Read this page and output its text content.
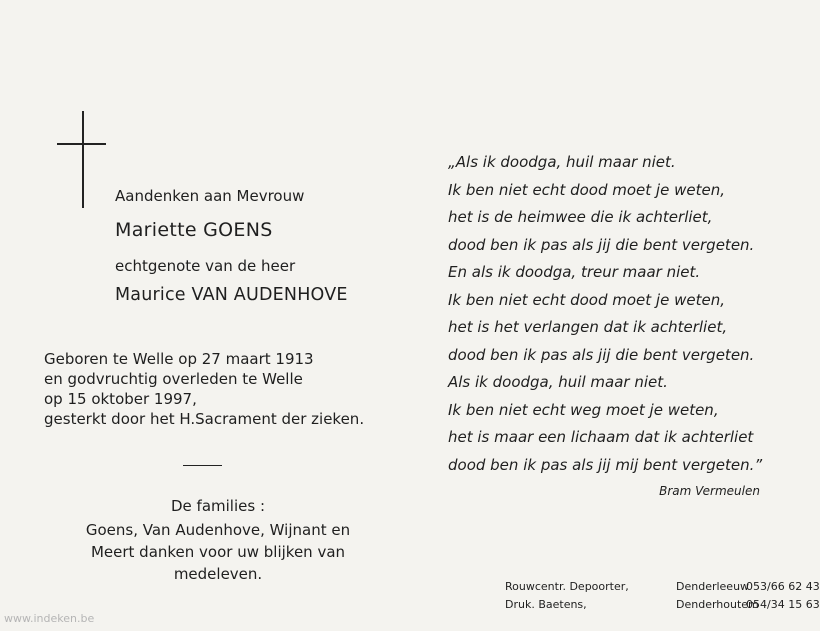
Aandenken aan Mevrouw
Mariette GOENS
echtgenote van de heer
Maurice VAN AUDENHOVE
Geboren te Welle op 27 maart 1913
en godvruchtig overleden te Welle
op 15 oktober 1997,
gesterkt door het H.Sacrament der zieken.
De families :
Goens, Van Audenhove, Wijnant en
Meert danken voor uw blijken van
medeleven.
„Als ik doodga, huil maar niet.
Ik ben niet echt dood moet je weten,
het is de heimwee die ik achterliet,
dood ben ik pas als jij die bent vergeten.
En als ik doodga, treur maar niet.
Ik ben niet echt dood moet je weten,
het is het verlangen dat ik achterliet,
dood ben ik pas als jij die bent vergeten.
Als ik doodga, huil maar niet.
Ik ben niet echt weg moet je weten,
het is maar een lichaam dat ik achterliet
dood ben ik pas als jij mij bent vergeten.”
Bram Vermeulen
Rouwcentr. Depoorter,	Denderleeuw
053/66 62 43
Druk. Baetens,	Denderhoutem
054/34 15 63
www.indeken.be
